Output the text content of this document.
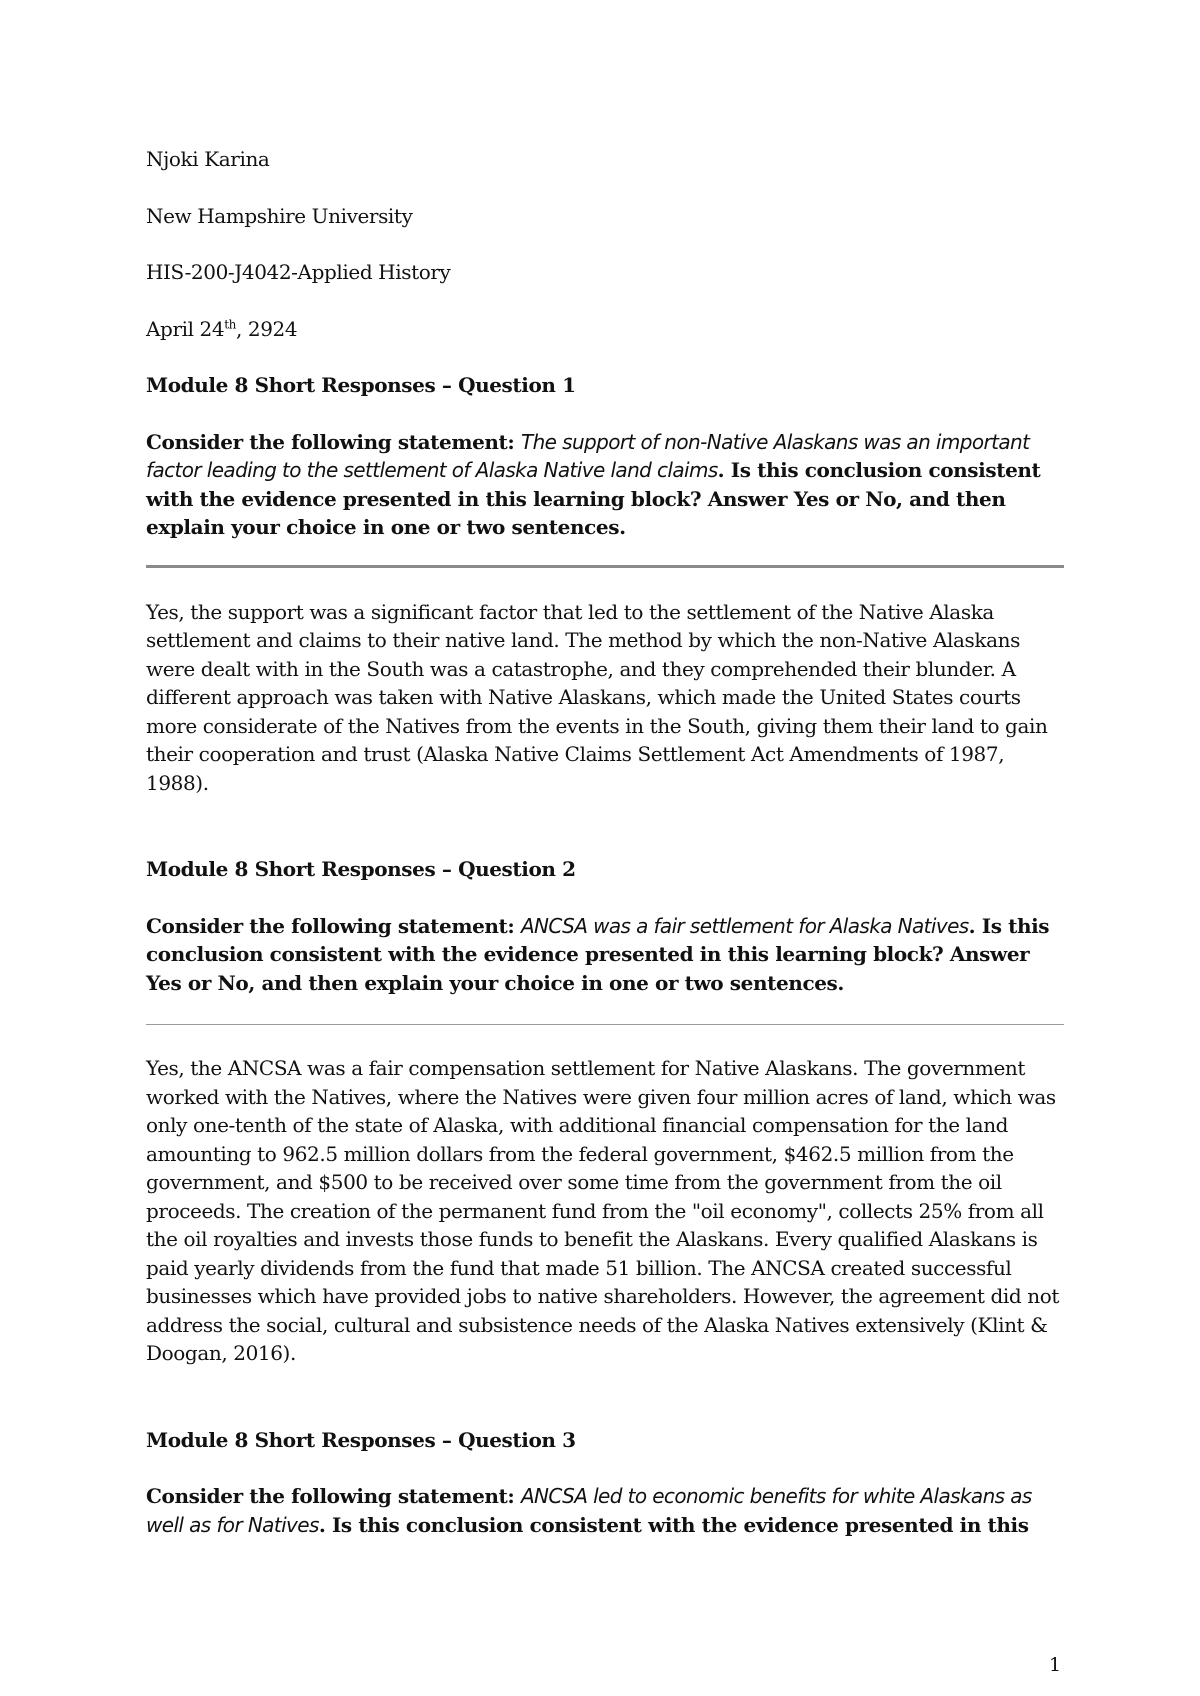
Njoki Karina

New Hampshire University

HIS-200-J4042-Applied History

April 24th, 2924

Module 8 Short Responses – Question 1

Consider the following statement: The support of non-Native Alaskans was an important factor leading to the settlement of Alaska Native land claims. Is this conclusion consistent with the evidence presented in this learning block? Answer Yes or No, and then explain your choice in one or two sentences.

Yes, the support was a significant factor that led to the settlement of the Native Alaska settlement and claims to their native land. The method by which the non-Native Alaskans were dealt with in the South was a catastrophe, and they comprehended their blunder. A different approach was taken with Native Alaskans, which made the United States courts more considerate of the Natives from the events in the South, giving them their land to gain their cooperation and trust (Alaska Native Claims Settlement Act Amendments of 1987, 1988).

Module 8 Short Responses – Question 2

Consider the following statement: ANCSA was a fair settlement for Alaska Natives. Is this conclusion consistent with the evidence presented in this learning block? Answer Yes or No, and then explain your choice in one or two sentences.

Yes, the ANCSA was a fair compensation settlement for Native Alaskans. The government worked with the Natives, where the Natives were given four million acres of land, which was only one-tenth of the state of Alaska, with additional financial compensation for the land amounting to 962.5 million dollars from the federal government, $462.5 million from the government, and $500 to be received over some time from the government from the oil proceeds. The creation of the permanent fund from the "oil economy", collects 25% from all the oil royalties and invests those funds to benefit the Alaskans. Every qualified Alaskans is paid yearly dividends from the fund that made 51 billion. The ANCSA created successful businesses which have provided jobs to native shareholders. However, the agreement did not address the social, cultural and subsistence needs of the Alaska Natives extensively (Klint & Doogan, 2016).

Module 8 Short Responses – Question 3

Consider the following statement: ANCSA led to economic benefits for white Alaskans as well as for Natives. Is this conclusion consistent with the evidence presented in this

1
